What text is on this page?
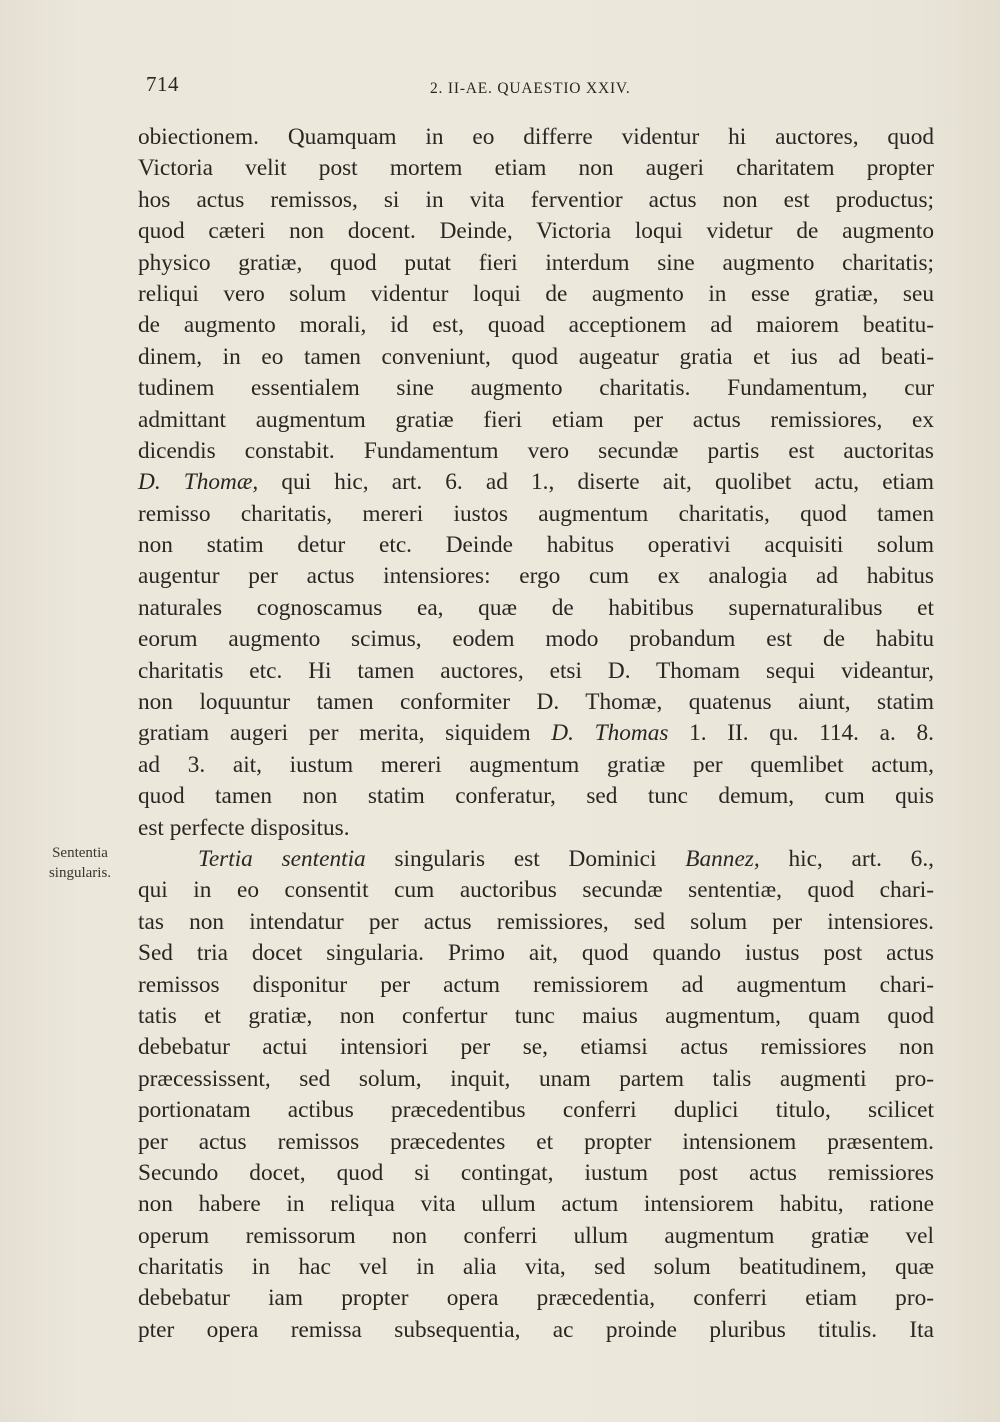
714	2. II-AE. QUAESTIO XXIV.
Sententia
singularis.
obiectionem. Quamquam in eo differre videntur hi auctores, quod
Victoria velit post mortem etiam non augeri charitatem propter
hos actus remissos, si in vita ferventior actus non est productus;
quod cæteri non docent. Deinde, Victoria loqui videtur de augmento
physico gratiæ, quod putat fieri interdum sine augmento charitatis;
reliqui vero solum videntur loqui de augmento in esse gratiæ, seu
de augmento morali, id est, quoad acceptionem ad maiorem beatitu-
dinem, in eo tamen conveniunt, quod augeatur gratia et ius ad beati-
tudinem essentialem sine augmento charitatis. Fundamentum, cur
admittant augmentum gratiæ fieri etiam per actus remissiores, ex
dicendis constabit. Fundamentum vero secundæ partis est auctoritas
D. Thomæ, qui hic, art. 6. ad 1., diserte ait, quolibet actu, etiam
remisso charitatis, mereri iustos augmentum charitatis, quod tamen
non statim detur etc. Deinde habitus operativi acquisiti solum
augentur per actus intensiores: ergo cum ex analogia ad habitus
naturales cognoscamus ea, quæ de habitibus supernaturalibus et
eorum augmento scimus, eodem modo probandum est de habitu
charitatis etc. Hi tamen auctores, etsi D. Thomam sequi videantur,
non loquuntur tamen conformiter D. Thomæ, quatenus aiunt, statim
gratiam augeri per merita, siquidem D. Thomas 1. II. qu. 114. a. 8.
ad 3. ait, iustum mereri augmentum gratiæ per quemlibet actum,
quod tamen non statim conferatur, sed tunc demum, cum quis
est perfecte dispositus.
Tertia sententia singularis est Dominici Bannez, hic, art. 6.,
qui in eo consentit cum auctoribus secundæ sententiæ, quod chari-
tas non intendatur per actus remissiores, sed solum per intensiores.
Sed tria docet singularia. Primo ait, quod quando iustus post actus
remissos disponitur per actum remissiorem ad augmentum chari-
tatis et gratiæ, non confertur tunc maius augmentum, quam quod
debebatur actui intensiori per se, etiamsi actus remissiores non
præcessissent, sed solum, inquit, unam partem talis augmenti pro-
portionatam actibus præcedentibus conferri duplici titulo, scilicet
per actus remissos præcedentes et propter intensionem præsentem.
Secundo docet, quod si contingat, iustum post actus remissiores
non habere in reliqua vita ullum actum intensiorem habitu, ratione
operum remissorum non conferri ullum augmentum gratiæ vel
charitatis in hac vel in alia vita, sed solum beatitudinem, quæ
debebatur iam propter opera præcedentia, conferri etiam pro-
pter opera remissa subsequentia, ac proinde pluribus titulis. Ita
